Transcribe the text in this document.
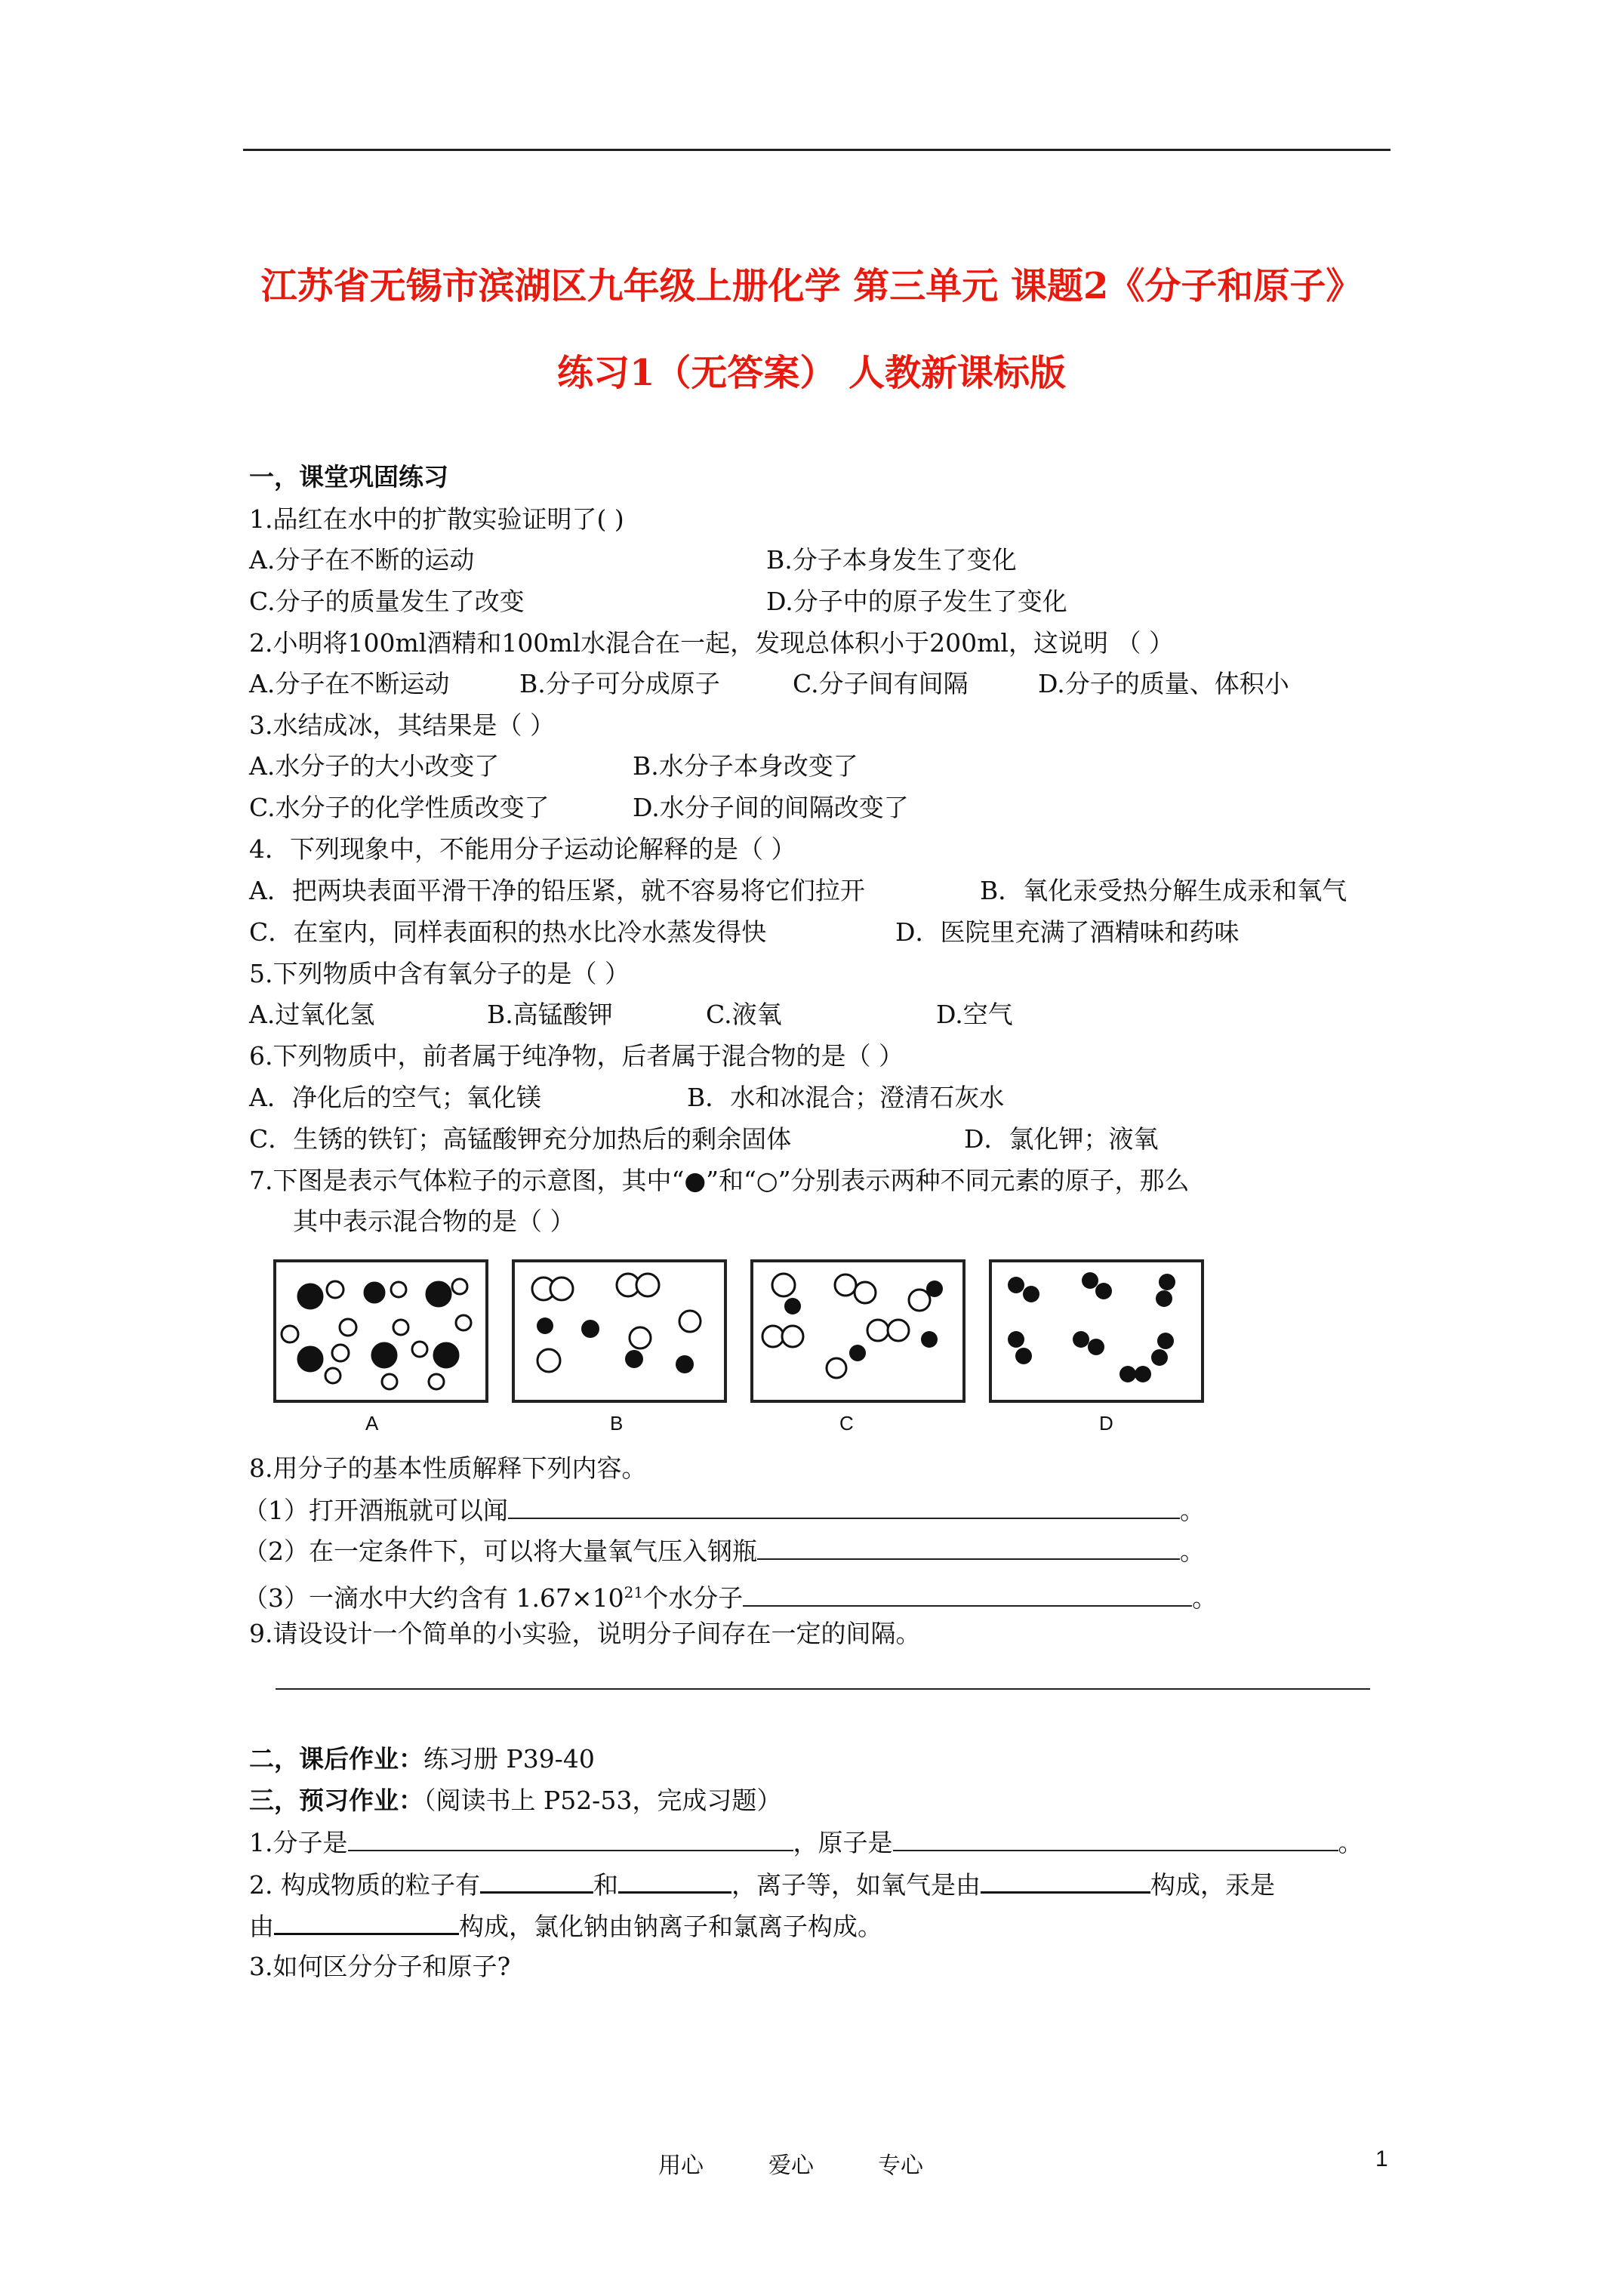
江苏省无锡市滨湖区九年级上册化学 第三单元 课题2《分子和原子》
练习1（无答案） 人教新课标版
一，课堂巩固练习
1.品红在水中的扩散实验证明了( )
A.分子在不断的运动	B.分子本身发生了变化
C.分子的质量发生了改变	D.分子中的原子发生了变化
2.小明将100ml酒精和100ml水混合在一起，发现总体积小于200ml，这说明 （ ）
A.分子在不断运动	B.分子可分成原子	C.分子间有间隔	D.分子的质量、体积小
3.水结成冰，其结果是（ ）
A.水分子的大小改变了	B.水分子本身改变了
C.水分子的化学性质改变了	D.水分子间的间隔改变了
4．下列现象中，不能用分子运动论解释的是（ ）
A．把两块表面平滑干净的铅压紧，就不容易将它们拉开	B．氧化汞受热分解生成汞和氧气
C．在室内，同样表面积的热水比冷水蒸发得快	D．医院里充满了酒精味和药味
5.下列物质中含有氧分子的是（ ）
A.过氧化氢	B.高锰酸钾	C.液氧	D.空气
6.下列物质中，前者属于纯净物，后者属于混合物的是（ ）
A．净化后的空气；氧化镁	B．水和冰混合；澄清石灰水
C．生锈的铁钉；高锰酸钾充分加热后的剩余固体	D．氯化钾；液氧
7.下图是表示气体粒子的示意图，其中“●”和“○”分别表示两种不同元素的原子，那么
其中表示混合物的是（ ）
A	B	C	D
8.用分子的基本性质解释下列内容。
（1）打开酒瓶就可以闻	。
（2）在一定条件下，可以将大量氧气压入钢瓶	。
（3）一滴水中大约含有 $1.67\times 10^{21}$个水分子	。
9.请设设计一个简单的小实验，说明分子间存在一定的间隔。
二，课后作业：练习册 P39-40
三，预习作业：（阅读书上 P52-53，完成习题）
1.分子是	，原子是	。
2. 构成物质的粒子有	和	，离子等，如氧气是由	构成，汞是
由	构成，氯化钠由钠离子和氯离子构成。
3.如何区分分子和原子?
用心	爱心	专心	1
